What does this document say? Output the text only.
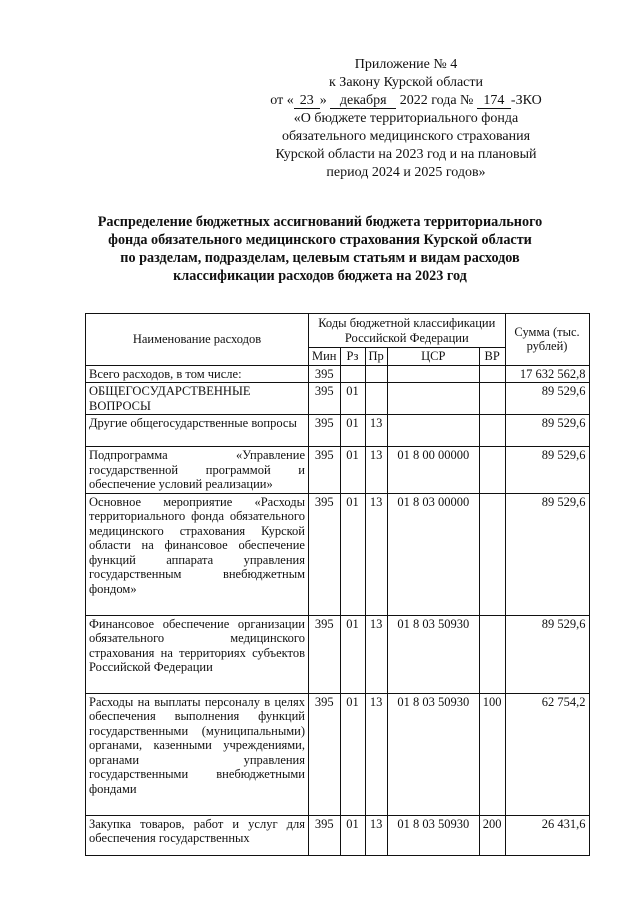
Приложение № 4
к Закону Курской области
от « 23 » декабря 2022 года № 174 -ЗКО
«О бюджете территориального фонда
обязательного медицинского страхования
Курской области на 2023 год и на плановый
период 2024 и 2025 годов»
Распределение бюджетных ассигнований бюджета территориального
фонда обязательного медицинского страхования Курской области
по разделам, подразделам, целевым статьям и видам расходов
классификации расходов бюджета на 2023 год
Наименование расходов	Коды бюджетной классификации Российской Федерации					Сумма (тыс. рублей)
	Мин	Рз	Пр	ЦСР	ВР	
Всего расходов, в том числе:	395					17 632 562,8
ОБЩЕГОСУДАРСТВЕННЫЕ ВОПРОСЫ	395	01				89 529,6
Другие общегосударственные вопросы	395	01	13			89 529,6
Подпрограмма «Управление государственной программой и обеспечение условий реализации»	395	01	13	01 8 00 00000		89 529,6
Основное мероприятие «Расходы территориального фонда обязательного медицинского страхования Курской области на финансовое обеспечение функций аппарата управления государственным внебюджетным фондом»	395	01	13	01 8 03 00000		89 529,6
Финансовое обеспечение организации обязательного медицинского страхования на территориях субъектов Российской Федерации	395	01	13	01 8 03 50930		89 529,6
Расходы на выплаты персоналу в целях обеспечения выполнения функций государственными (муниципальными) органами, казенными учреждениями, органами управления государственными внебюджетными фондами	395	01	13	01 8 03 50930	100	62 754,2
Закупка товаров, работ и услуг для обеспечения государственных	395	01	13	01 8 03 50930	200	26 431,6
